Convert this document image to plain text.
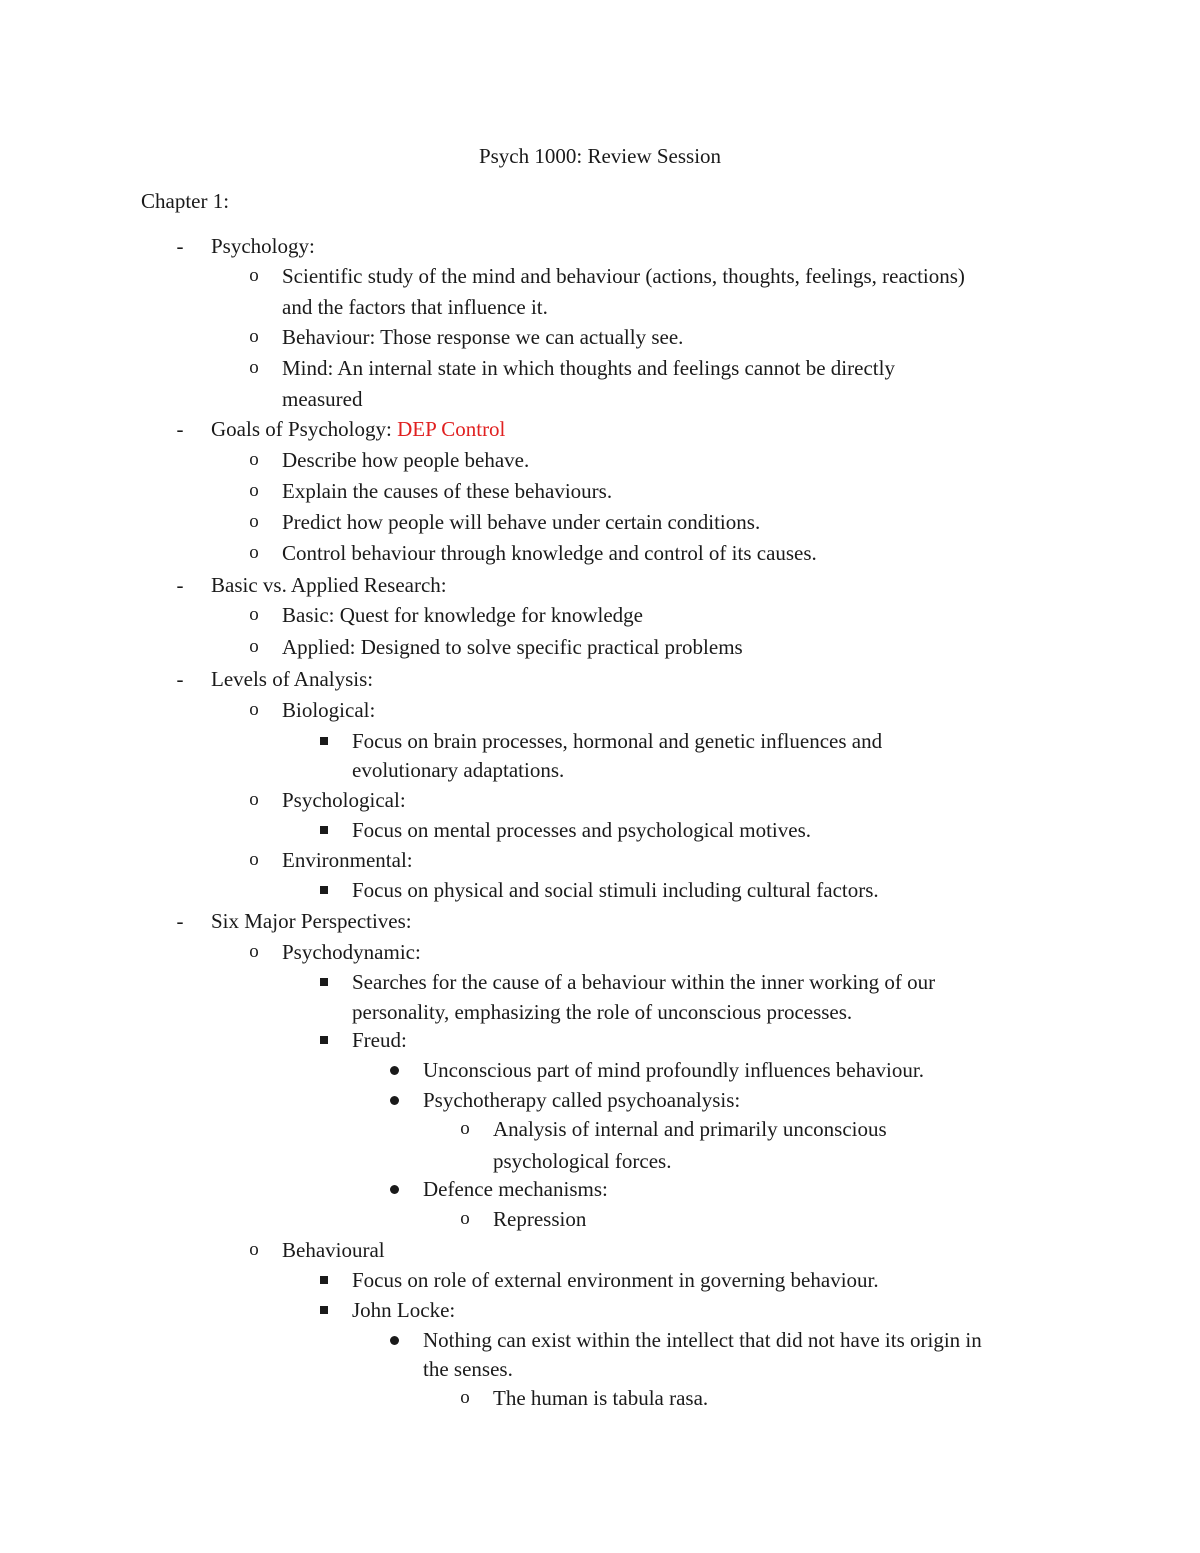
Psych 1000: Review Session
Chapter 1:
-	Psychology:
o Scientific study of the mind and behaviour (actions, thoughts, feelings, reactions)
and the factors that influence it.
o Behaviour: Those response we can actually see.
o Mind: An internal state in which thoughts and feelings cannot be directly
measured
-	Goals of Psychology: DEP Control
o Describe how people behave.
o Explain the causes of these behaviours.
o Predict how people will behave under certain conditions.
o Control behaviour through knowledge and control of its causes.
-	Basic vs. Applied Research:
o Basic: Quest for knowledge for knowledge
o Applied: Designed to solve specific practical problems
-	Levels of Analysis:
o Biological:
Focus on brain processes, hormonal and genetic influences and
evolutionary adaptations.
o Psychological:
Focus on mental processes and psychological motives.
o Environmental:
Focus on physical and social stimuli including cultural factors.
-	Six Major Perspectives:
o Psychodynamic:
Searches for the cause of a behaviour within the inner working of our
personality, emphasizing the role of unconscious processes.
Freud:
Unconscious part of mind profoundly influences behaviour.
Psychotherapy called psychoanalysis:
o Analysis of internal and primarily unconscious
psychological forces.
Defence mechanisms:
o Repression
o Behavioural
Focus on role of external environment in governing behaviour.
John Locke:
Nothing can exist within the intellect that did not have its origin in
the senses.
o The human is tabula rasa.
